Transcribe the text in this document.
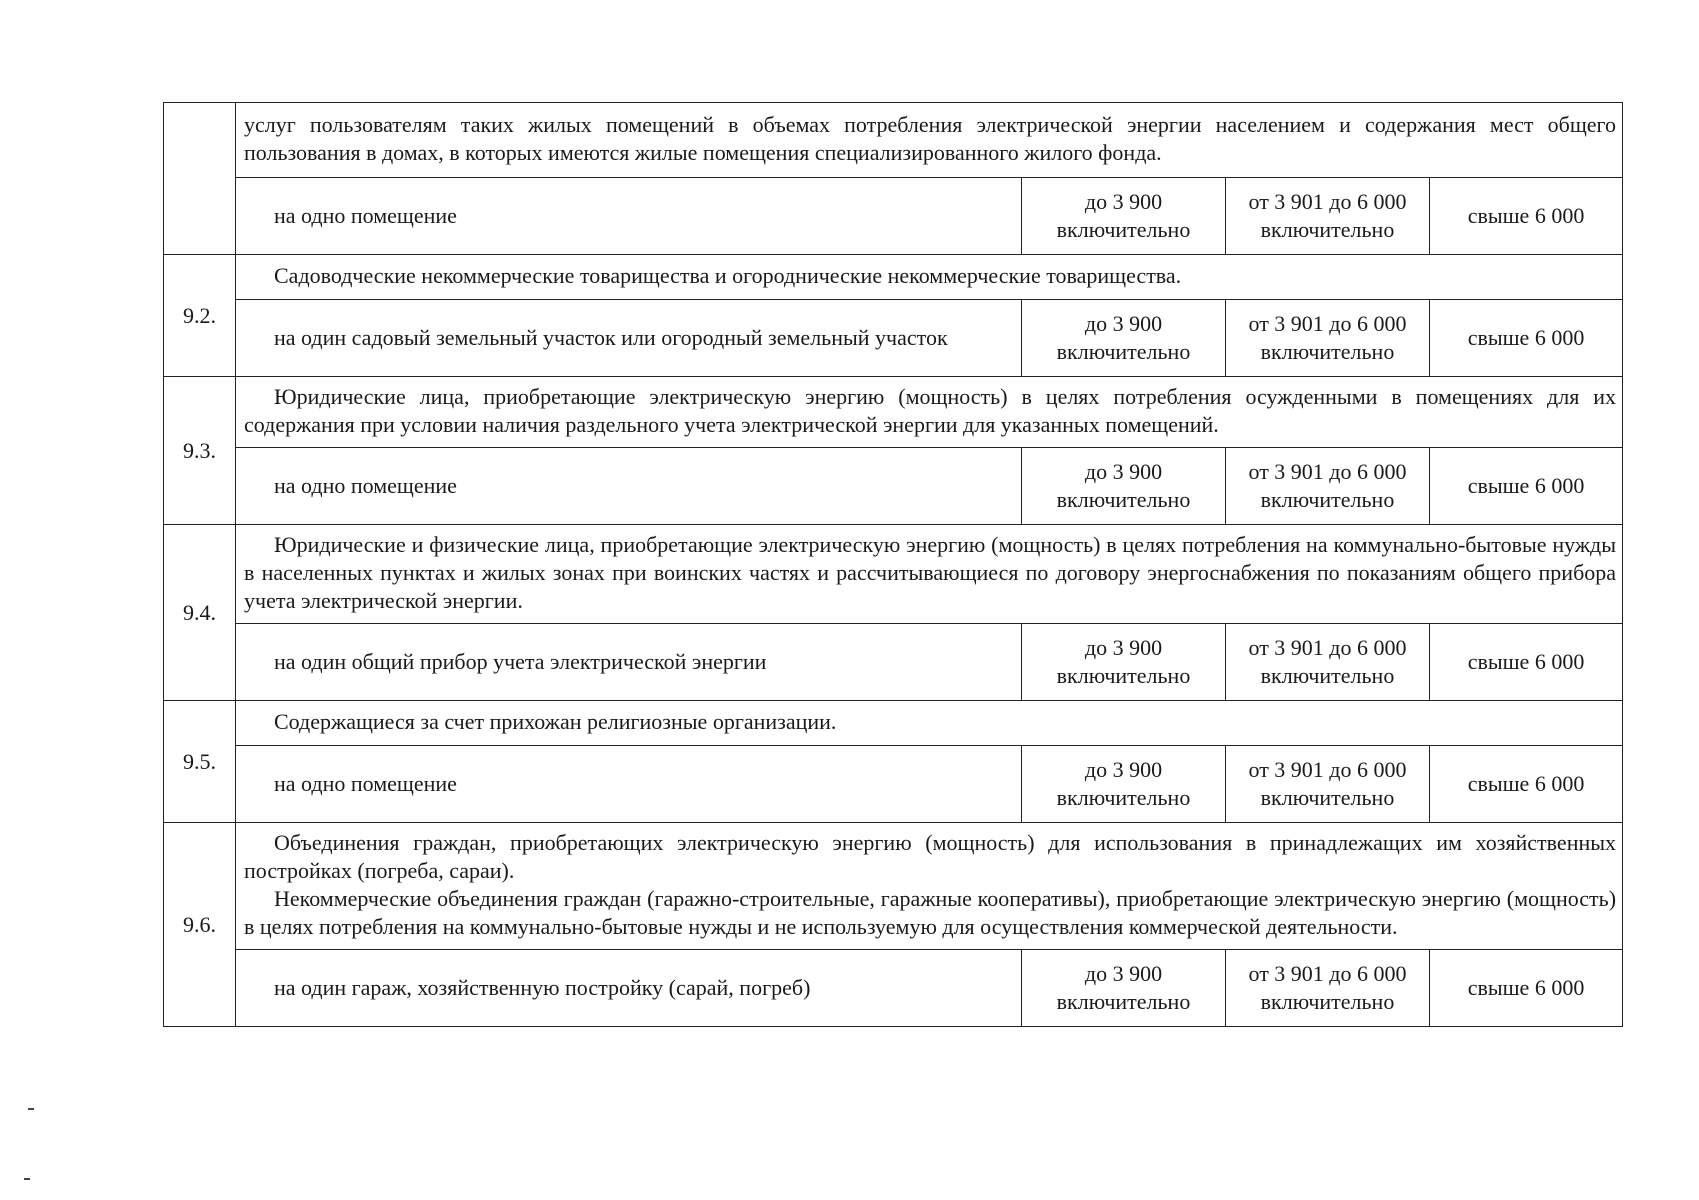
	услуг пользователям таких жилых помещений в объемах потребления электрической энергии населением и содержания мест общего пользования в домах, в которых имеются жилые помещения специализированного жилого фонда.			

	на одно помещение	до 3 900 включительно	от 3 901 до 6 000 включительно	свыше 6 000
9.2.	Садоводческие некоммерческие товарищества и огороднические некоммерческие товарищества.			

	на один садовый земельный участок или огородный земельный участок	до 3 900 включительно	от 3 901 до 6 000 включительно	свыше 6 000
9.3.	Юридические лица, приобретающие электрическую энергию (мощность) в целях потребления осужденными в помещениях для их содержания при условии наличия раздельного учета электрической энергии для указанных помещений.			

	на одно помещение	до 3 900 включительно	от 3 901 до 6 000 включительно	свыше 6 000
9.4.	Юридические и физические лица, приобретающие электрическую энергию (мощность) в целях потребления на коммунально-бытовые нужды в населенных пунктах и жилых зонах при воинских частях и рассчитывающиеся по договору энергоснабжения по показаниям общего прибора учета электрической энергии.			

	на один общий прибор учета электрической энергии	до 3 900 включительно	от 3 901 до 6 000 включительно	свыше 6 000
9.5.	Содержащиеся за счет прихожан религиозные организации.			

	на одно помещение	до 3 900 включительно	от 3 901 до 6 000 включительно	свыше 6 000
9.6.	Объединения граждан, приобретающих электрическую энергию (мощность) для использования в принадлежащих им хозяйственных постройках (погреба, сараи).

Некоммерческие объединения граждан (гаражно-строительные, гаражные кооперативы), приобретающие электрическую энергию (мощность) в целях потребления на коммунально-бытовые нужды и не используемую для осуществления коммерческой деятельности.			

	на один гараж, хозяйственную постройку (сарай, погреб)	до 3 900 включительно	от 3 901 до 6 000 включительно	свыше 6 000
